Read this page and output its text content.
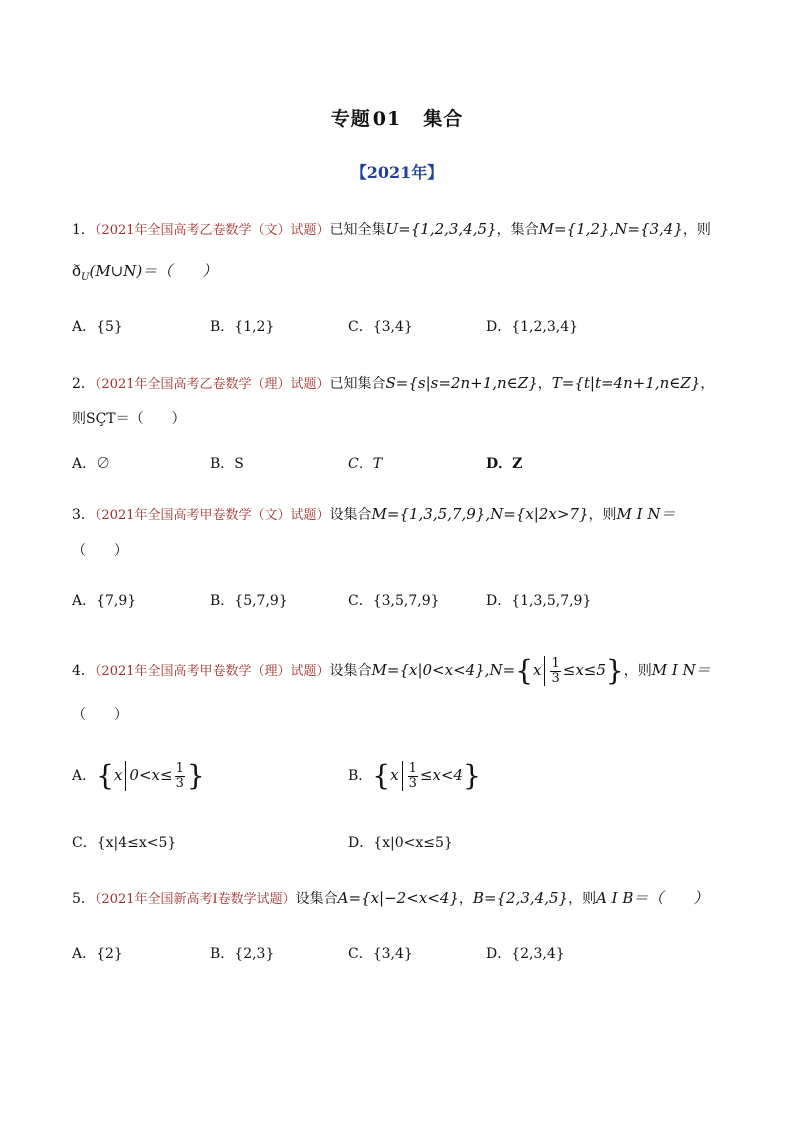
专题 01 集合
【2021年】
1．（2021年全国高考乙卷数学（文）试题）已知全集U={1,2,3,4,5}，集合M={1,2},N={3,4}，则
$ð_U(M\cup N)=$（　　）
A．{5}	B．{1,2}	C．{3,4}	D．{1,2,3,4}
2．（2021年全国高考乙卷数学（理）试题）已知集合S={s|s=2n+1,n∈Z}，T={t|t=4n+1,n∈Z}，
则SÇT＝（　　）
A．∅	B．S	C．T	D．Z
3．（2021年全国高考甲卷数学（文）试题）设集合M={1,3,5,7,9},N={x|2x>7}，则M I N＝
（　　）
A．{7,9}	B．{5,7,9}	C．{3,5,7,9}	D．{1,3,5,7,9}
4．（2021年全国高考甲卷数学（理）试题）设集合$M=\{x|0<x<4\},N=\{x \frac{1}{3} \le x\le 5\}$，则M I N＝
（　　）
A．{x $0<x\le \frac{1}{3}$ }	B．$\{x \frac{1}{3} \le x<4\}$
C．{x|4≤x<5}	D．{x|0<x≤5}
5．（2021年全国新高考Ⅰ卷数学试题）设集合A={x|−2<x<4}，B={2,3,4,5}，则A I B＝（　　）
A．{2}	B．{2,3}	C．{3,4}	D．{2,3,4}
